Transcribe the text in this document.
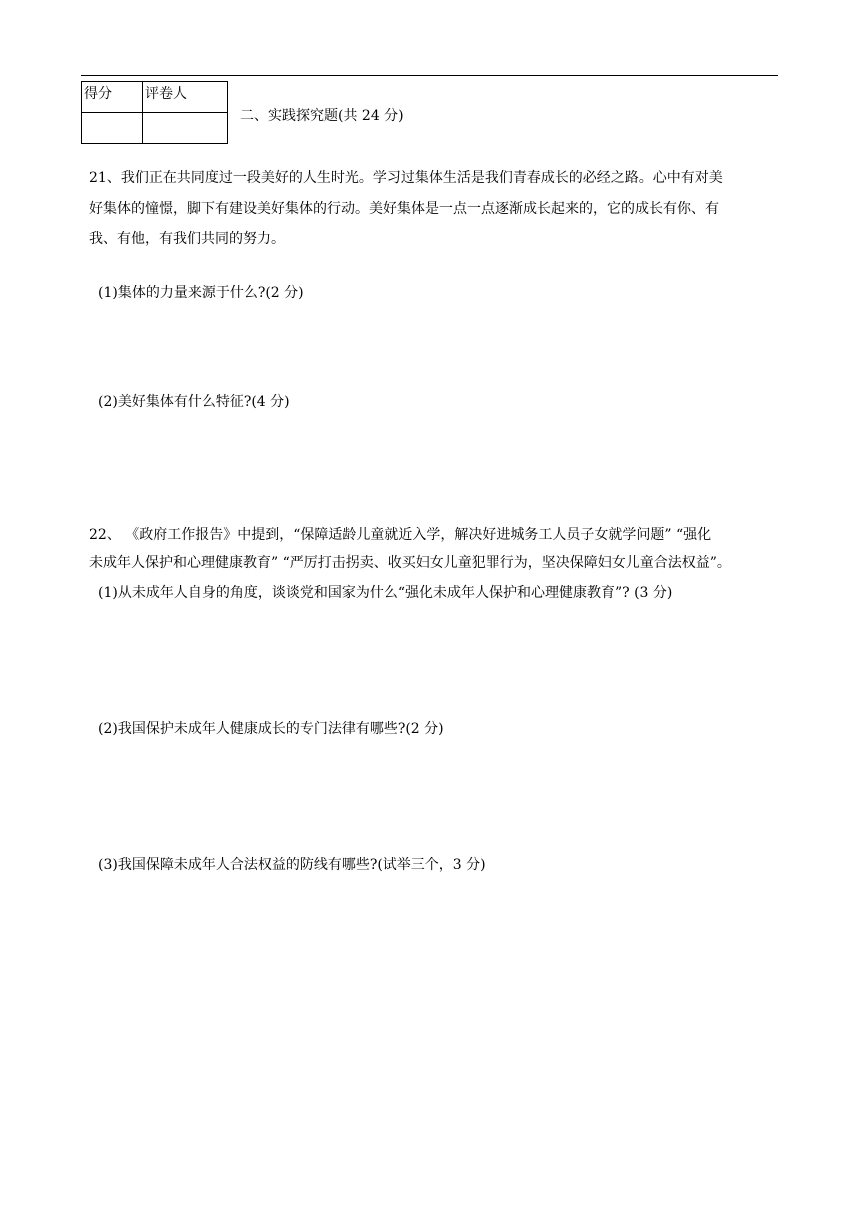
得分	评卷人

二、实践探究题(共 24 分)
21、我们正在共同度过一段美好的人生时光。学习过集体生活是我们青春成长的必经之路。心中有对美
好集体的憧憬，脚下有建设美好集体的行动。美好集体是一点一点逐渐成长起来的，它的成长有你、有
我、有他，有我们共同的努力。
(1)集体的力量来源于什么?(2 分)
(2)美好集体有什么特征?(4 分)
22、 《政府工作报告》中提到，“保障适龄儿童就近入学，解决好进城务工人员子女就学问题” “强化
未成年人保护和心理健康教育” “严厉打击拐卖、收买妇女儿童犯罪行为，坚决保障妇女儿童合法权益”。
(1)从未成年人自身的角度，谈谈党和国家为什么“强化未成年人保护和心理健康教育”? (3 分)
(2)我国保护未成年人健康成长的专门法律有哪些?(2 分)
(3)我国保障未成年人合法权益的防线有哪些?(试举三个，3 分)
